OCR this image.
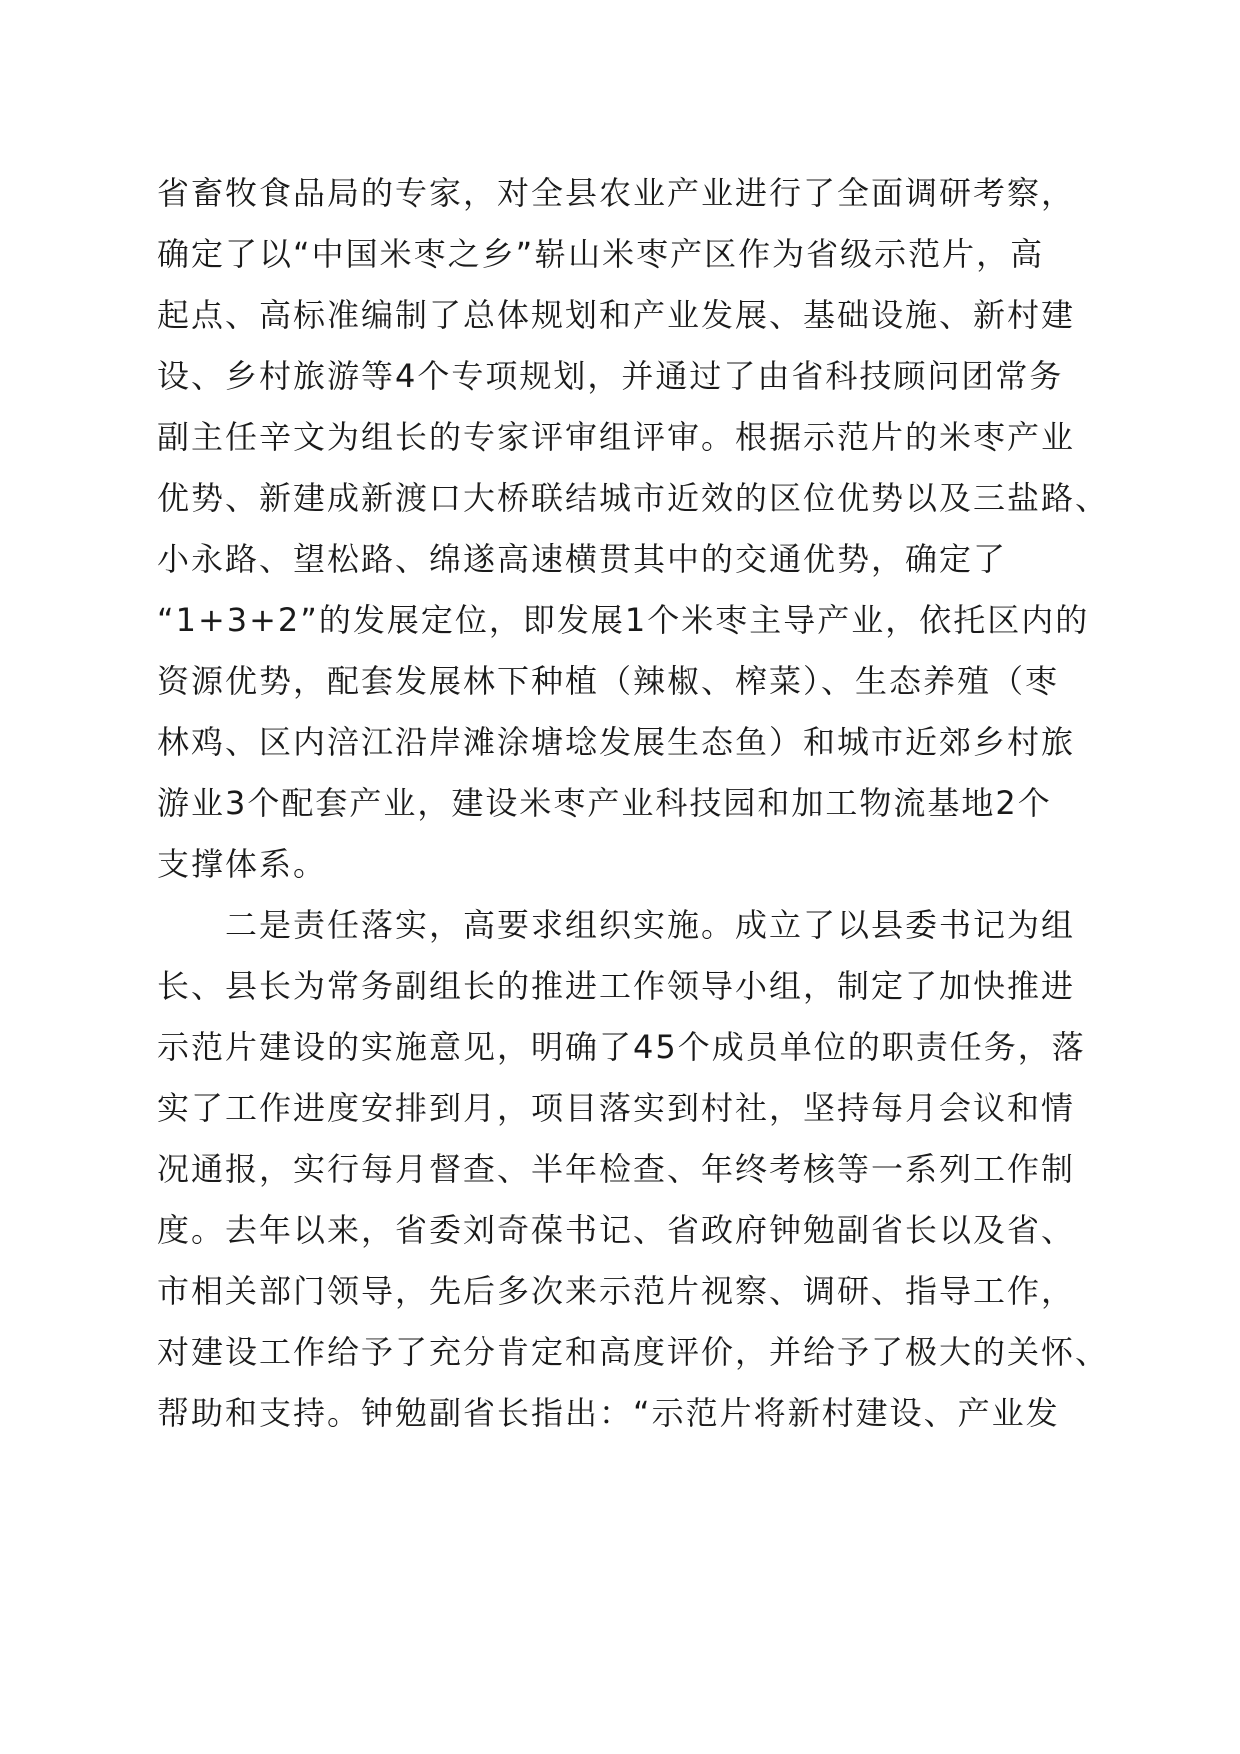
省畜牧食品局的专家，对全县农业产业进行了全面调研考察，
确定了以“中国米枣之乡”崭山米枣产区作为省级示范片，高
起点、高标准编制了总体规划和产业发展、基础设施、新村建
设、乡村旅游等4个专项规划，并通过了由省科技顾问团常务
副主任辛文为组长的专家评审组评审。根据示范片的米枣产业
优势、新建成新渡口大桥联结城市近效的区位优势以及三盐路、
小永路、望松路、绵遂高速横贯其中的交通优势，确定了
“1+3+2”的发展定位，即发展1个米枣主导产业，依托区内的
资源优势，配套发展林下种植（辣椒、榨菜）、生态养殖（枣
林鸡、区内涪江沿岸滩涂塘埝发展生态鱼）和城市近郊乡村旅
游业3个配套产业，建设米枣产业科技园和加工物流基地2个
支撑体系。
二是责任落实，高要求组织实施。成立了以县委书记为组
长、县长为常务副组长的推进工作领导小组，制定了加快推进
示范片建设的实施意见，明确了45个成员单位的职责任务，落
实了工作进度安排到月，项目落实到村社，坚持每月会议和情
况通报，实行每月督查、半年检查、年终考核等一系列工作制
度。去年以来，省委刘奇葆书记、省政府钟勉副省长以及省、
市相关部门领导，先后多次来示范片视察、调研、指导工作，
对建设工作给予了充分肯定和高度评价，并给予了极大的关怀、
帮助和支持。钟勉副省长指出：“示范片将新村建设、产业发
